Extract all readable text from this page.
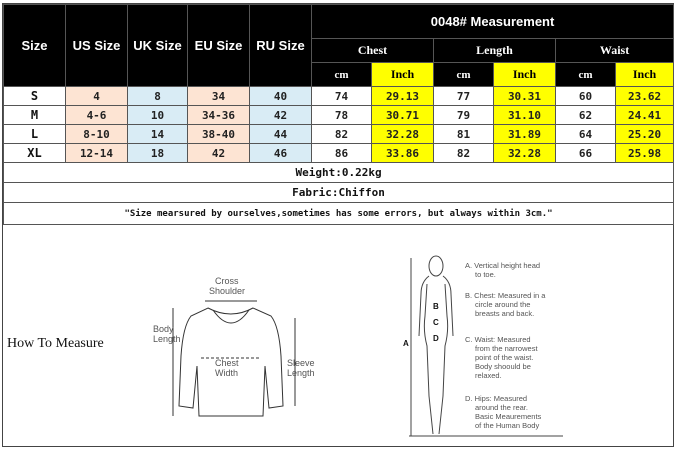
Size	US Size	UK Size	EU Size	RU Size	0048# Measurement					
					Chest		Length		Waist	
					cm	Inch	cm	Inch	cm	Inch
S	4	8	34	40	74	29.13	77	30.31	60	23.62
M	4-6	10	34-36	42	78	30.71	79	31.10	62	24.41
L	8-10	14	38-40	44	82	32.28	81	31.89	64	25.20
XL	12-14	18	42	46	86	33.86	82	32.28	66	25.98
Weight:0.22kg										
Fabric:Chiffon										
"Size mearsured by ourselves,sometimes has some errors, but always within 3cm."										
How To Measure
Cross
Shoulder
Body
Length
Chest
Width
Sleeve
Length
A
B
C
D
A. Vertical height head
to toe.
B. Chest: Measured in a
circle around the
breasts and back.
C. Waist: Measured
from the narrowest
point of the waist.
Body shoould be
relaxed.
D. Hips: Measured
around the rear.
Basic Meaurements
of the Human Body
